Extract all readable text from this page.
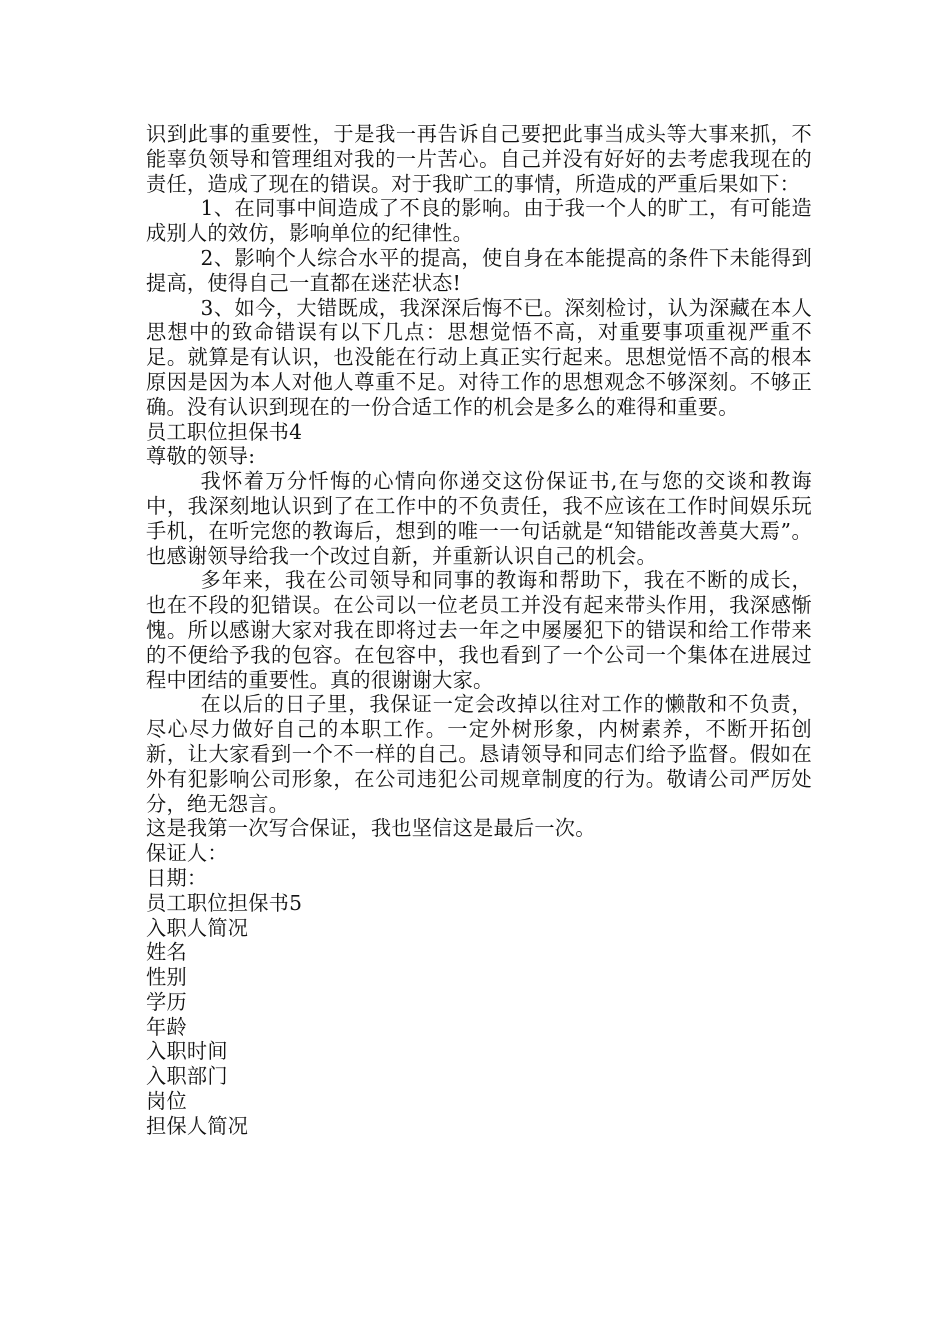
识到此事的重要性，于是我一再告诉自己要把此事当成头等大事来抓，不能辜负领导和管理组对我的一片苦心。自己并没有好好的去考虑我现在的责任，造成了现在的错误。对于我旷工的事情，所造成的严重后果如下：

1、在同事中间造成了不良的影响。由于我一个人的旷工，有可能造成别人的效仿，影响单位的纪律性。

2、影响个人综合水平的提高，使自身在本能提高的条件下未能得到提高，使得自己一直都在迷茫状态!

3、如今，大错既成，我深深后悔不已。深刻检讨，认为深藏在本人思想中的致命错误有以下几点：思想觉悟不高，对重要事项重视严重不足。就算是有认识，也没能在行动上真正实行起来。思想觉悟不高的根本原因是因为本人对他人尊重不足。对待工作的思想观念不够深刻。不够正确。没有认识到现在的一份合适工作的机会是多么的难得和重要。

员工职位担保书4

尊敬的领导:

我怀着万分忏悔的心情向你递交这份保证书,在与您的交谈和教诲中，我深刻地认识到了在工作中的不负责任，我不应该在工作时间娱乐玩手机，在听完您的教诲后，想到的唯一一句话就是“知错能改善莫大焉”。也感谢领导给我一个改过自新，并重新认识自己的机会。

多年来，我在公司领导和同事的教诲和帮助下，我在不断的成长，也在不段的犯错误。在公司以一位老员工并没有起来带头作用，我深感惭愧。所以感谢大家对我在即将过去一年之中屡屡犯下的错误和给工作带来的不便给予我的包容。在包容中，我也看到了一个公司一个集体在进展过程中团结的重要性。真的很谢谢大家。

在以后的日子里，我保证一定会改掉以往对工作的懒散和不负责，尽心尽力做好自己的本职工作。一定外树形象，内树素养，不断开拓创新，让大家看到一个不一样的自己。恳请领导和同志们给予监督。假如在外有犯影响公司形象，在公司违犯公司规章制度的行为。敬请公司严厉处分，绝无怨言。

这是我第一次写合保证，我也坚信这是最后一次。

保证人：

日期：

员工职位担保书5

入职人简况

姓名

性别

学历

年龄

入职时间

入职部门

岗位

担保人简况
